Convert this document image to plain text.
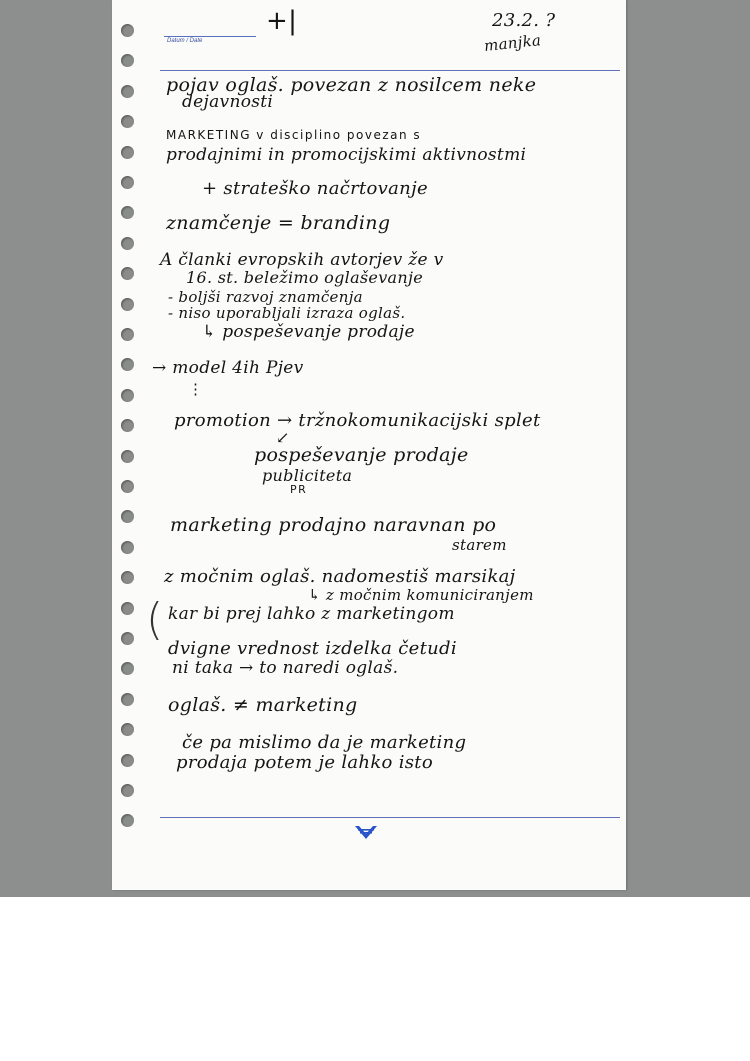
Datum / Date
+|	23.2. ?
manjka
pojav oglaš. povezan z nosilcem neke
dejavnosti
MARKETING v disciplino povezan s
prodajnimi in promocijskimi aktivnostmi
+ strateško načrtovanje
znamčenje = branding
A članki evropskih avtorjev že v
16. st. beležimo oglaševanje
- boljši razvoj znamčenja
- niso uporabljali izraza oglaš.
↳ pospeševanje prodaje
→ model 4ih Pjev
⋮
promotion → tržnokomunikacijski splet
↙
pospeševanje prodaje
publiciteta
PR
marketing prodajno naravnan po
starem
z močnim oglaš. nadomestiš marsikaj
↳ z močnim komuniciranjem
kar bi prej lahko z marketingom
(
dvigne vrednost izdelka četudi
ni taka → to naredi oglaš.
oglaš. ≠ marketing
če pa mislimo da je marketing
prodaja potem je lahko isto
